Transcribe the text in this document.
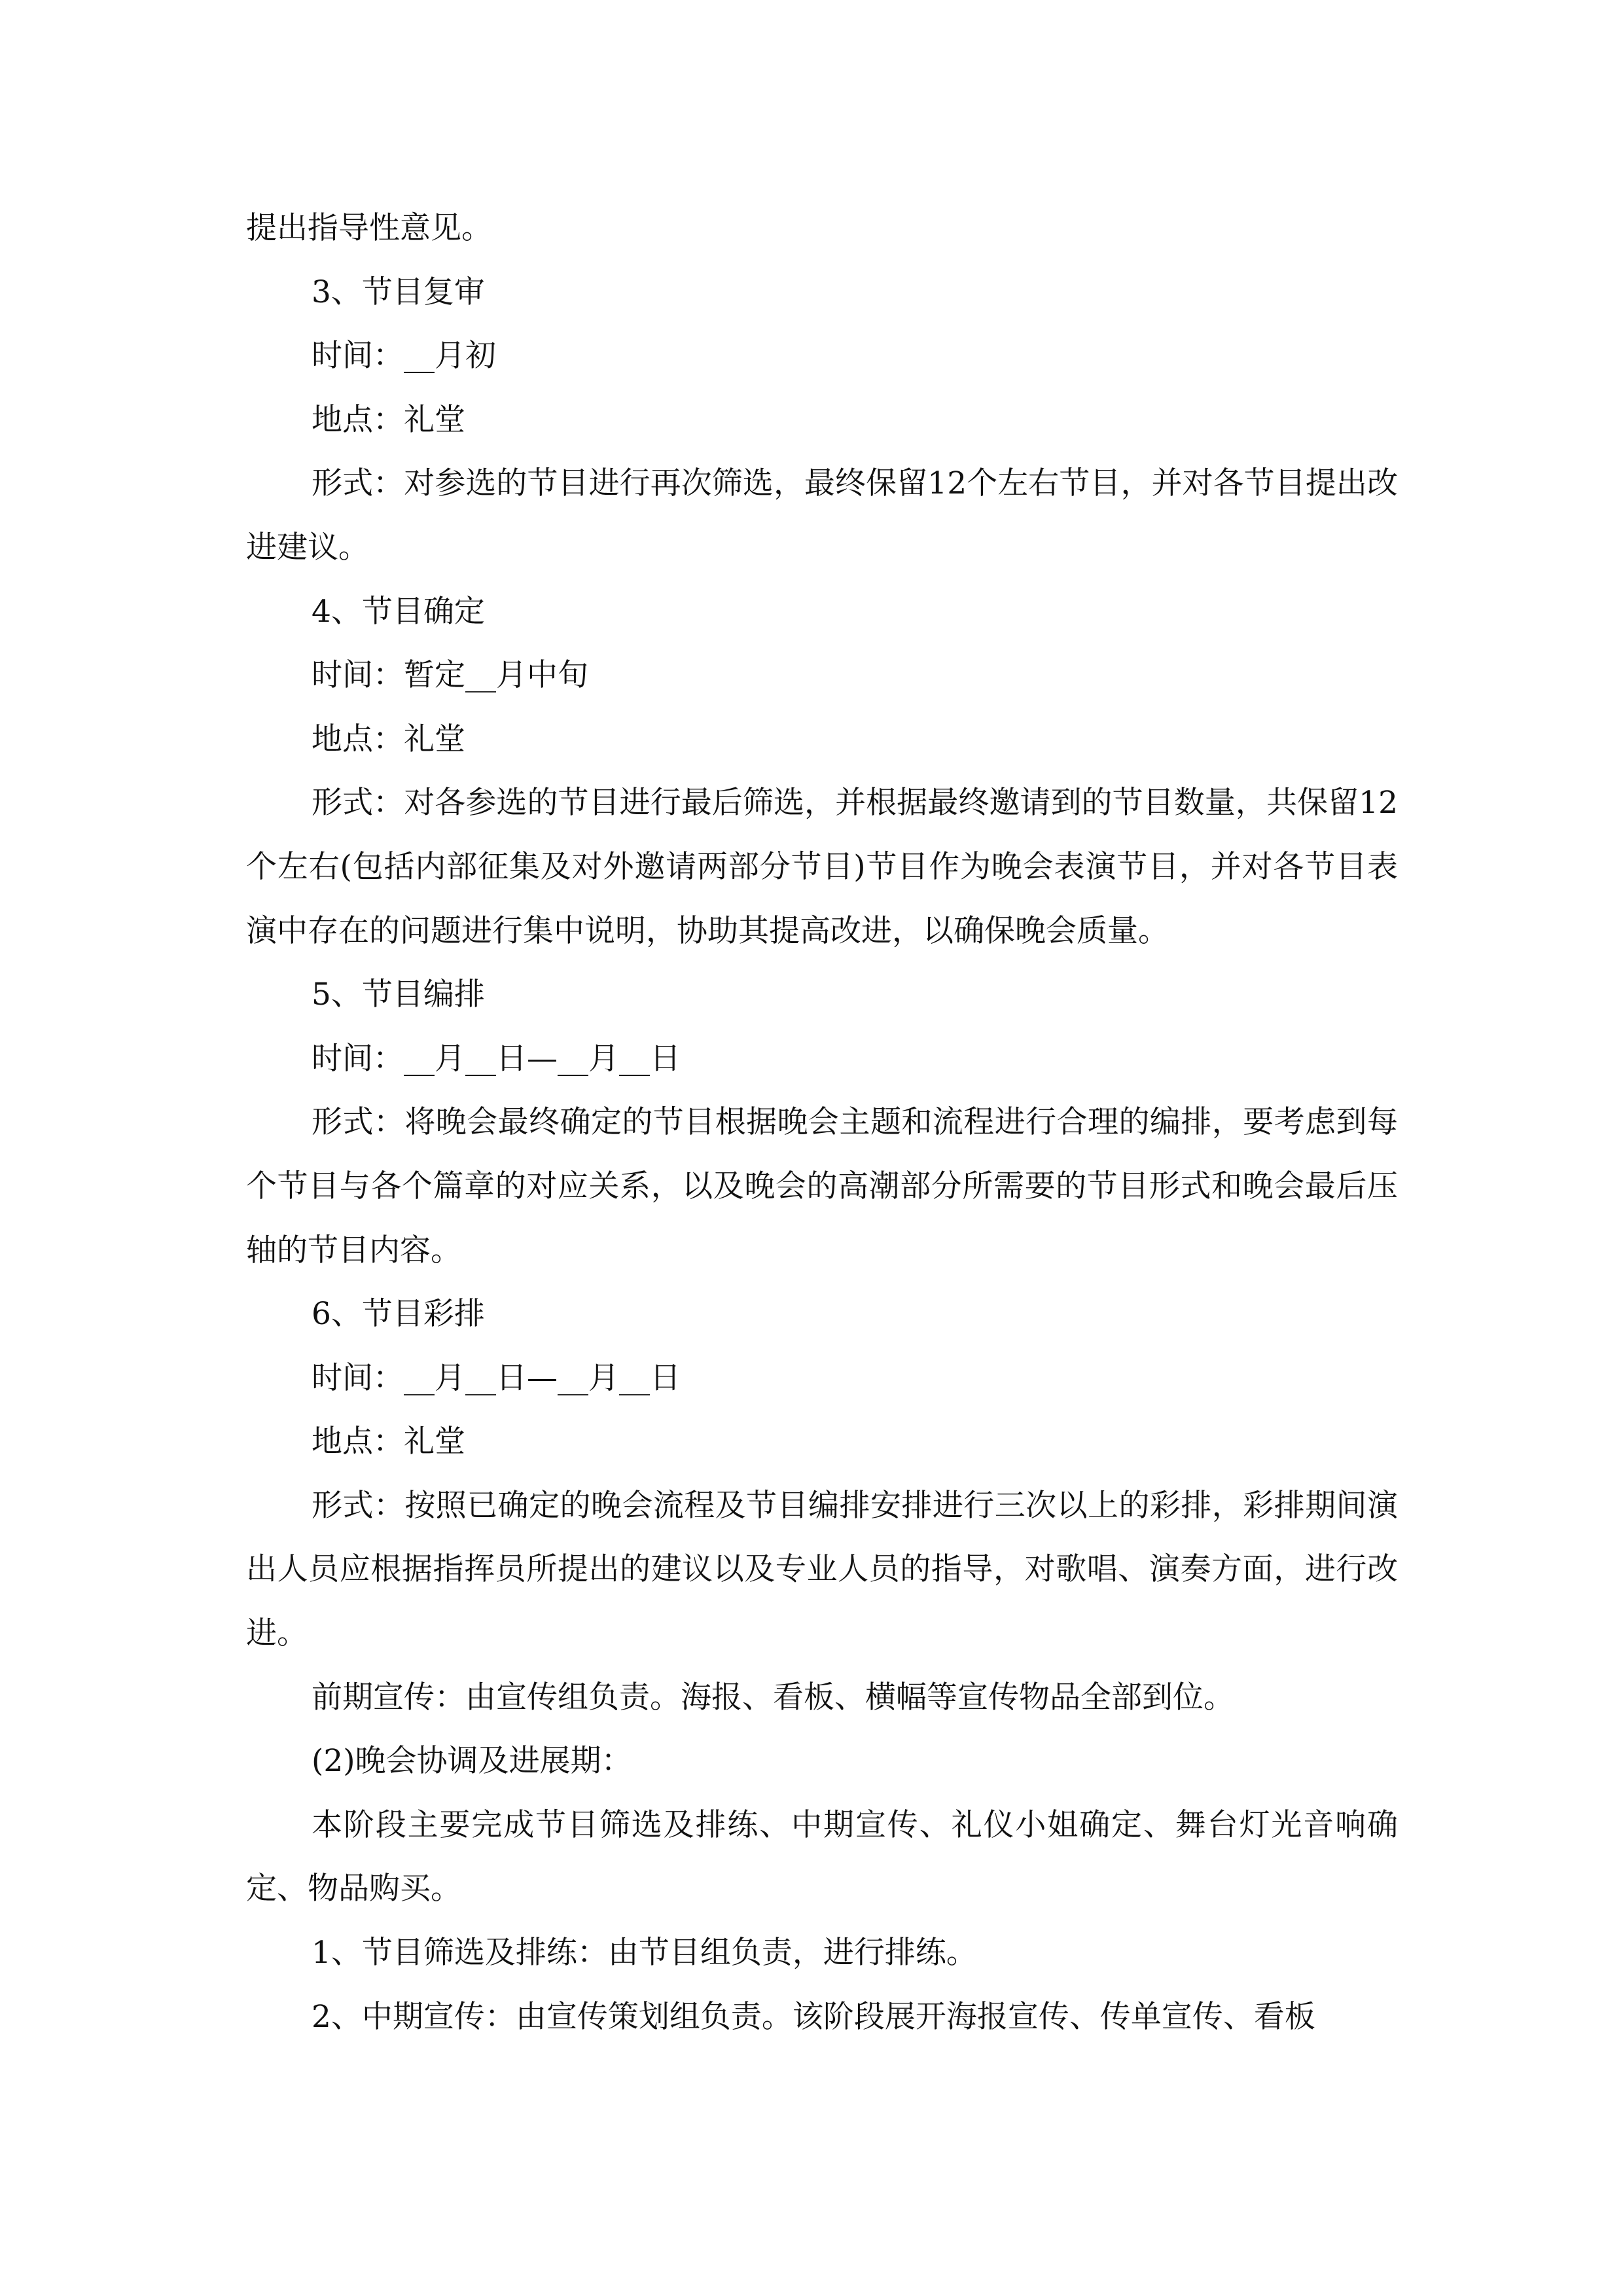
提出指导性意见。

3、节目复审

时间：__月初

地点：礼堂

形式：对参选的节目进行再次筛选，最终保留12个左右节目，并对各节目提出改进建议。

4、节目确定

时间：暂定__月中旬

地点：礼堂

形式：对各参选的节目进行最后筛选，并根据最终邀请到的节目数量，共保留12个左右(包括内部征集及对外邀请两部分节目)节目作为晚会表演节目，并对各节目表演中存在的问题进行集中说明，协助其提高改进，以确保晚会质量。

5、节目编排

时间：__月__日—__月__日

形式：将晚会最终确定的节目根据晚会主题和流程进行合理的编排，要考虑到每个节目与各个篇章的对应关系，以及晚会的高潮部分所需要的节目形式和晚会最后压轴的节目内容。

6、节目彩排

时间：__月__日—__月__日

地点：礼堂

形式：按照已确定的晚会流程及节目编排安排进行三次以上的彩排，彩排期间演出人员应根据指挥员所提出的建议以及专业人员的指导，对歌唱、演奏方面，进行改进。

前期宣传：由宣传组负责。海报、看板、横幅等宣传物品全部到位。

(2)晚会协调及进展期：

本阶段主要完成节目筛选及排练、中期宣传、礼仪小姐确定、舞台灯光音响确定、物品购买。

1、节目筛选及排练：由节目组负责，进行排练。

2、中期宣传：由宣传策划组负责。该阶段展开海报宣传、传单宣传、看板
